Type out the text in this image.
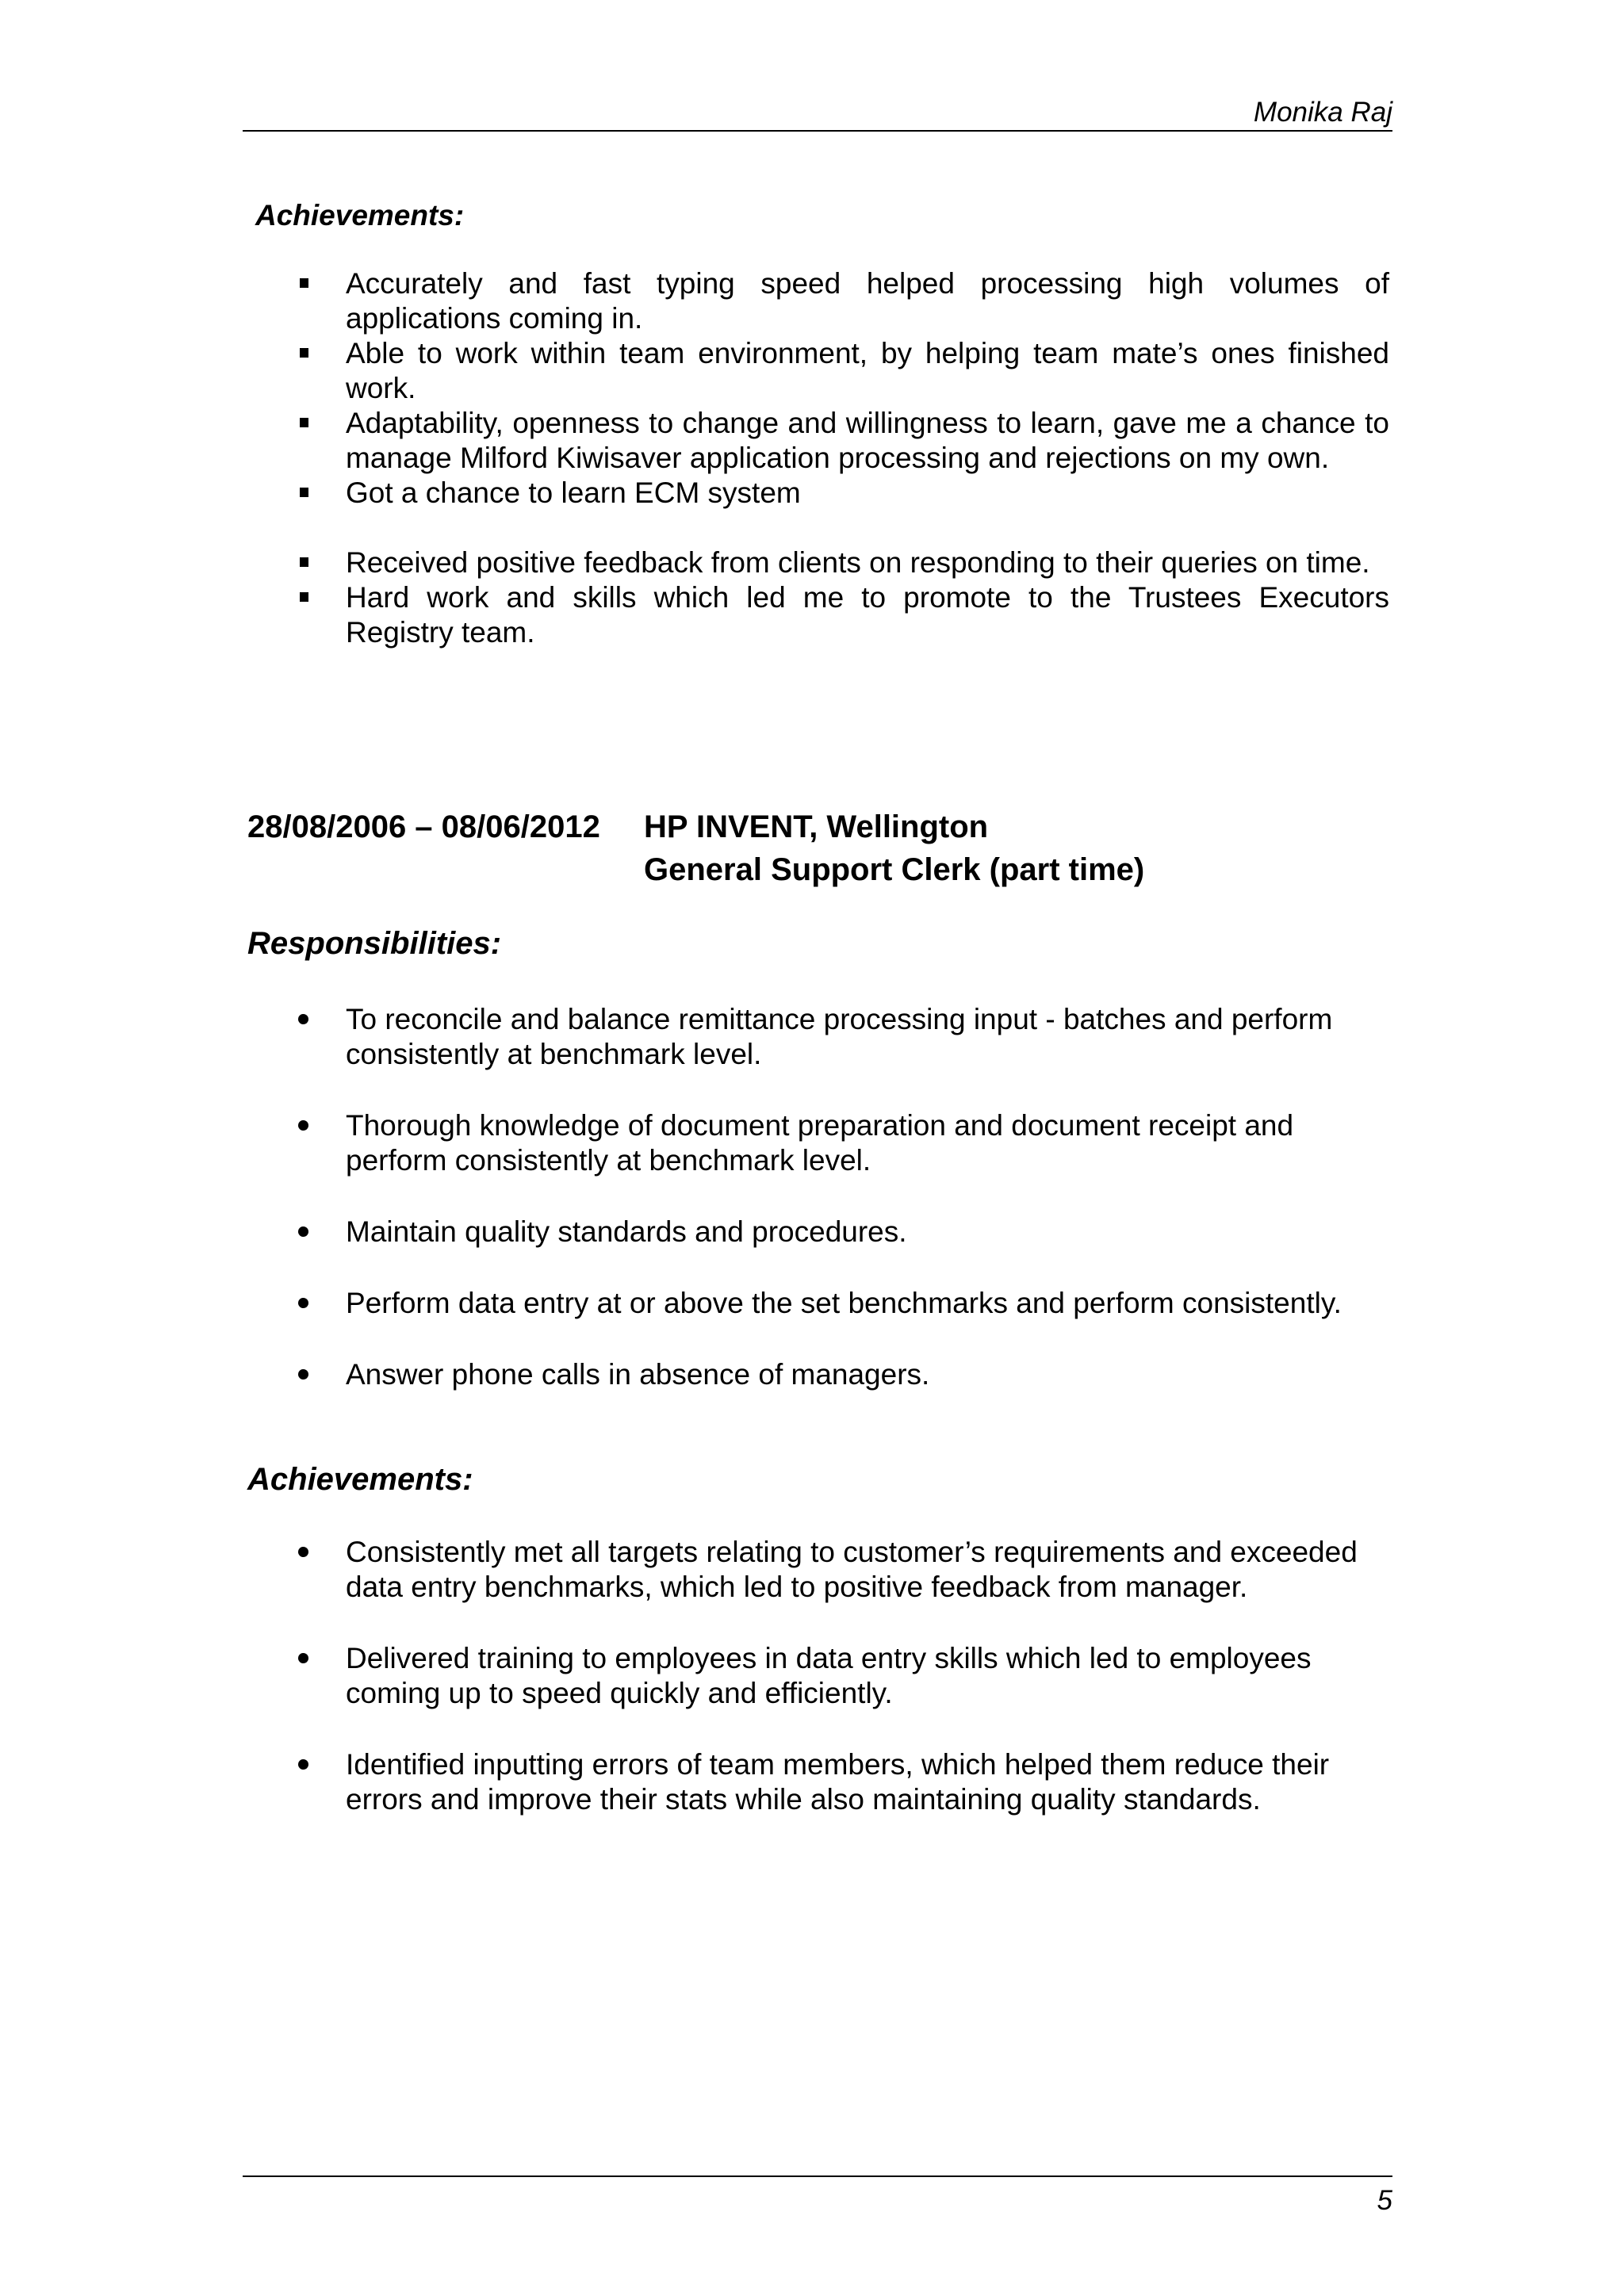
Monika Raj
Achievements:
Accurately and fast typing speed helped processing high volumes of applications coming in.
Able to work within team environment, by helping team mate’s ones finished work.
Adaptability, openness to change and willingness to learn, gave me a chance to manage Milford Kiwisaver application processing and rejections on my own.
Got a chance to learn ECM system
Received positive feedback from clients on responding to their queries on time.
Hard work and skills which led me to promote to the Trustees Executors Registry team.
28/08/2006 – 08/06/2012 HP INVENT, Wellington
General Support Clerk (part time)
Responsibilities:
To reconcile and balance remittance processing input - batches and perform consistently at benchmark level.
Thorough knowledge of document preparation and document receipt and perform consistently at benchmark level.
Maintain quality standards and procedures.
Perform data entry at or above the set benchmarks and perform consistently.
Answer phone calls in absence of managers.
Achievements:
Consistently met all targets relating to customer’s requirements and exceeded data entry benchmarks, which led to positive feedback from manager.
Delivered training to employees in data entry skills which led to employees coming up to speed quickly and efficiently.
Identified inputting errors of team members, which helped them reduce their errors and improve their stats while also maintaining quality standards.
5
